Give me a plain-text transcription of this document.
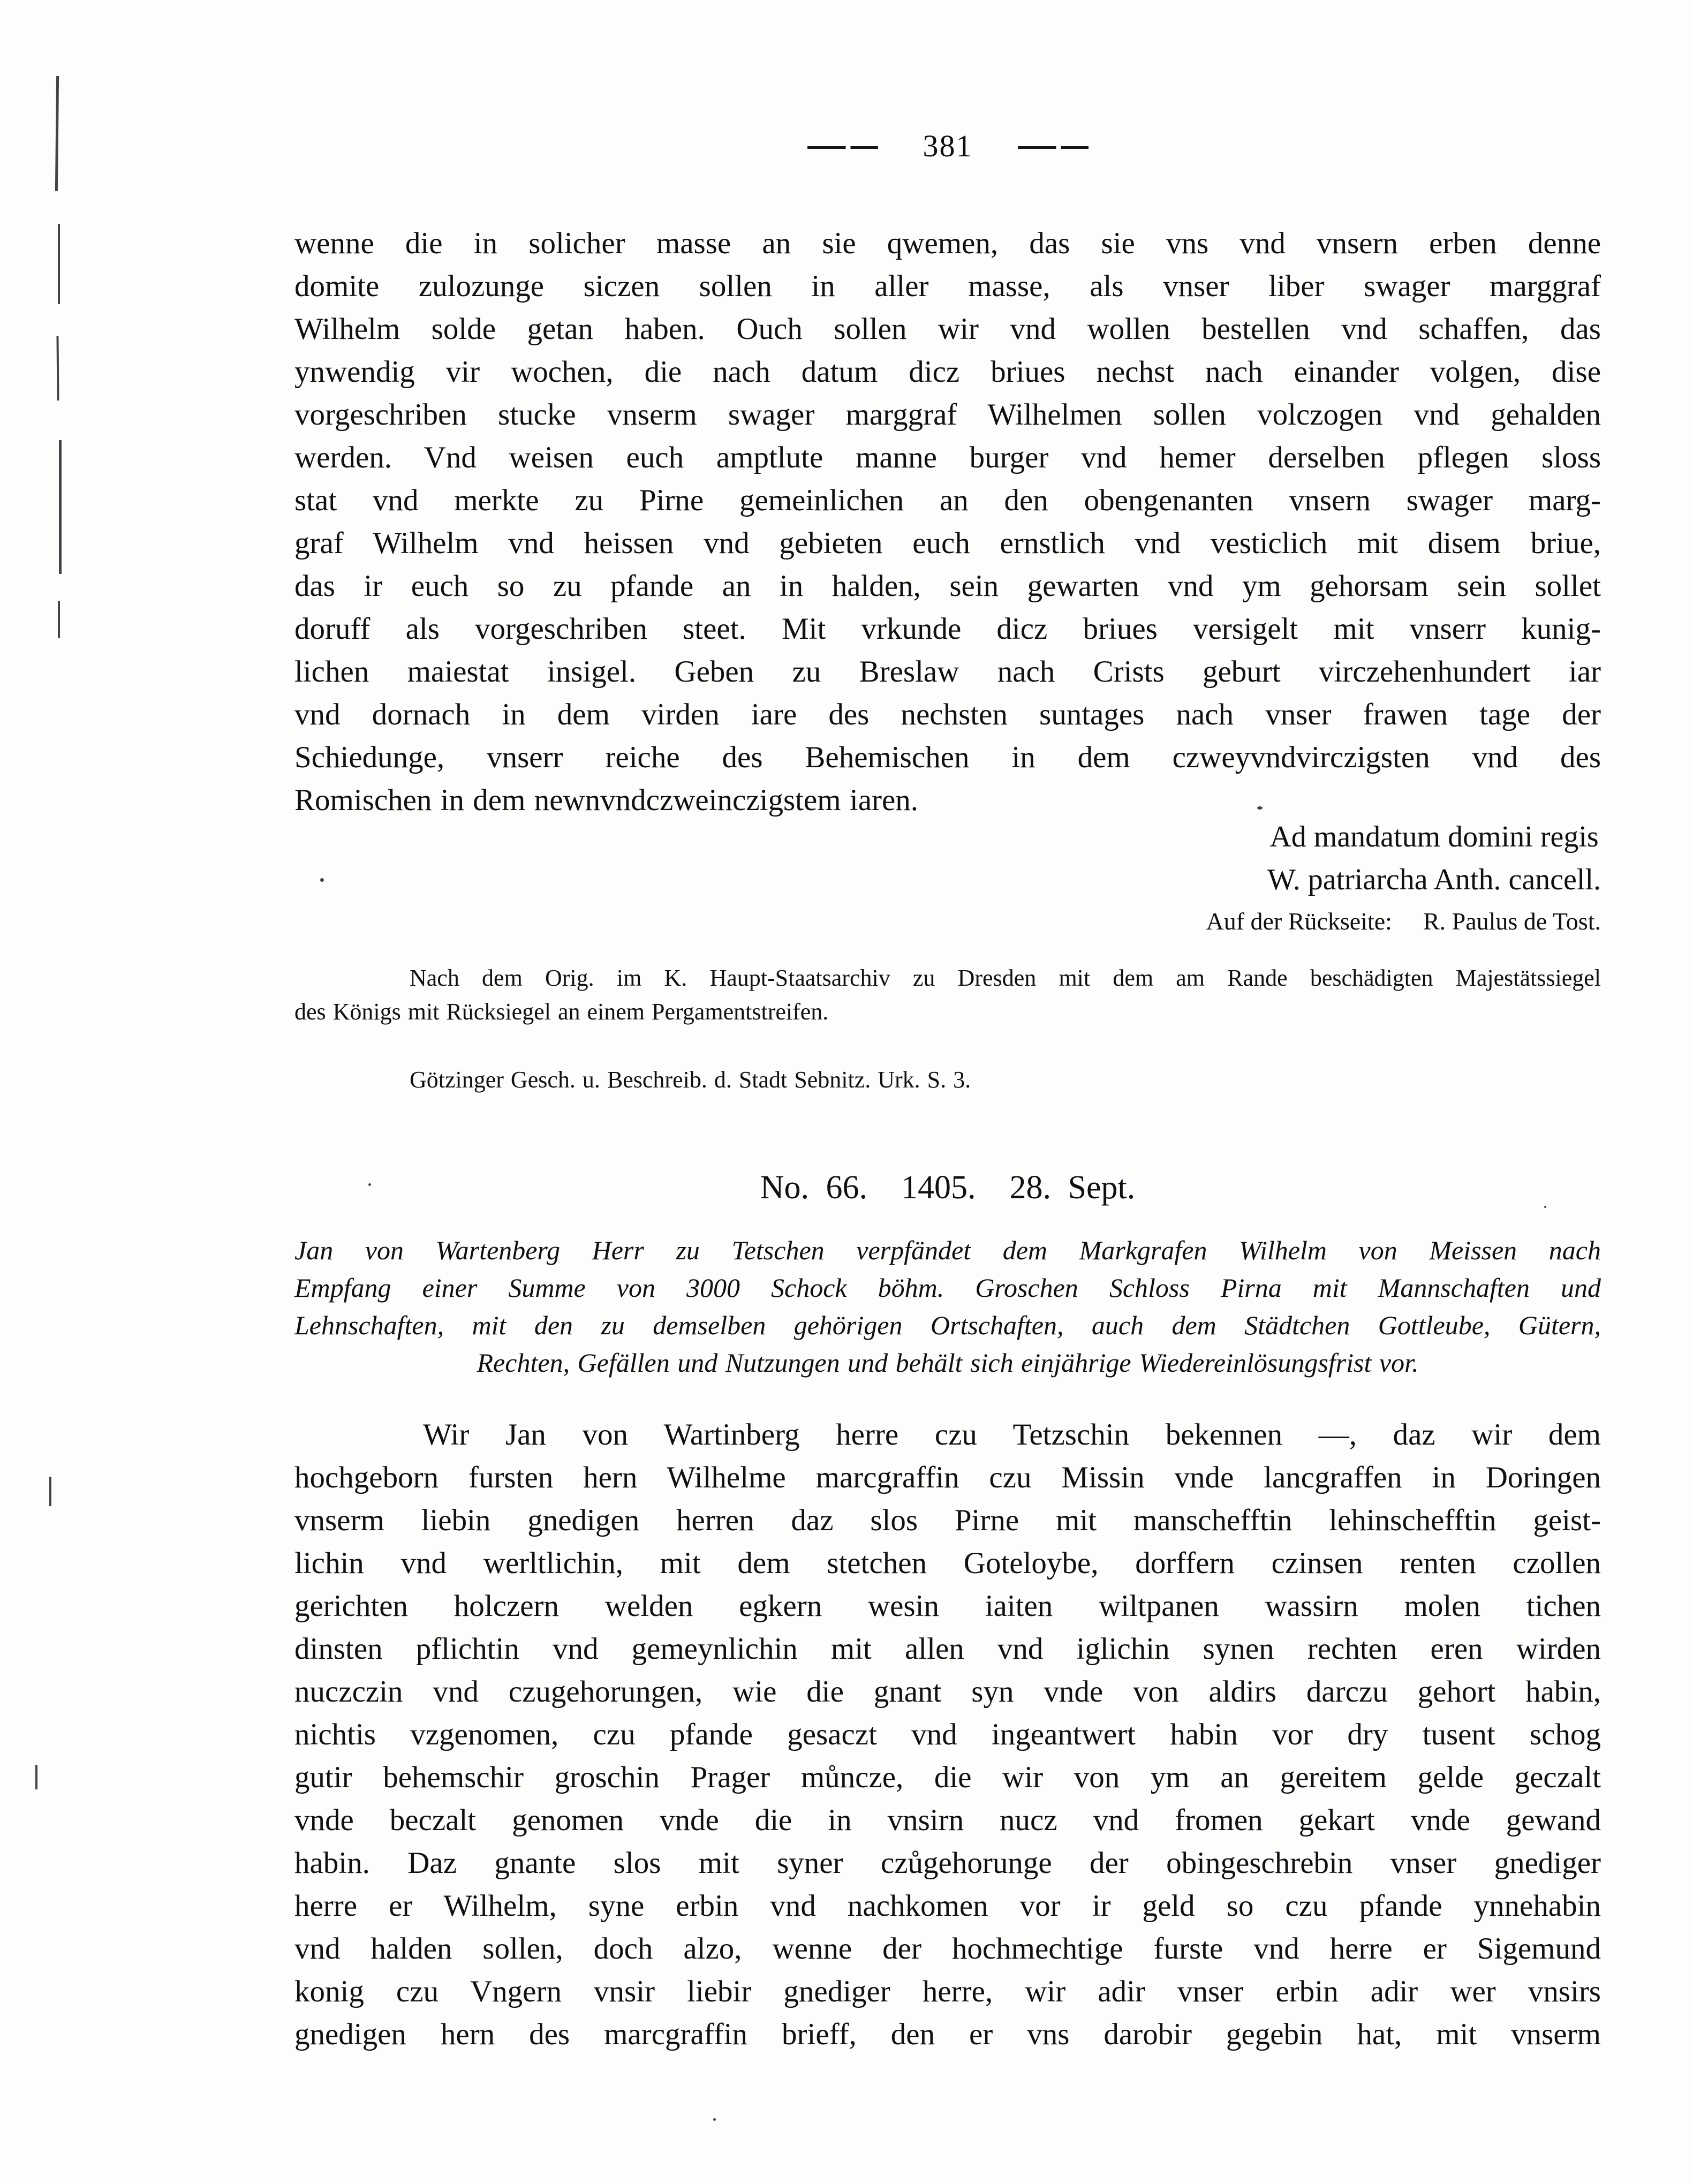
381
wenne die in solicher masse an sie qwemen, das sie vns vnd vnsern erben denne
domite zulozunge siczen sollen in aller masse, als vnser liber swager marggraf
Wilhelm solde getan haben. Ouch sollen wir vnd wollen bestellen vnd schaffen, das
ynwendig vir wochen, die nach datum dicz briues nechst nach einander volgen, dise
vorgeschriben stucke vnserm swager marggraf Wilhelmen sollen volczogen vnd gehalden
werden. Vnd weisen euch amptlute manne burger vnd hemer derselben pflegen sloss
stat vnd merkte zu Pirne gemeinlichen an den obengenanten vnsern swager marg-
graf Wilhelm vnd heissen vnd gebieten euch ernstlich vnd vesticlich mit disem briue,
das ir euch so zu pfande an in halden, sein gewarten vnd ym gehorsam sein sollet
doruff als vorgeschriben steet. Mit vrkunde dicz briues versigelt mit vnserr kunig-
lichen maiestat insigel. Geben zu Breslaw nach Crists geburt virczehenhundert iar
vnd dornach in dem virden iare des nechsten suntages nach vnser frawen tage der
Schiedunge, vnserr reiche des Behemischen in dem czweyvndvirczigsten vnd des
Romischen in dem newnvndczweinczigstem iaren.
Ad mandatum domini regis
W. patriarcha Anth. cancell.
Auf der Rückseite: R. Paulus de Tost.
Nach dem Orig. im K. Haupt-Staatsarchiv zu Dresden mit dem am Rande beschädigten Majestätssiegel
des Königs mit Rücksiegel an einem Pergamentstreifen.
Götzinger Gesch. u. Beschreib. d. Stadt Sebnitz. Urk. S. 3.
No. 66.  1405.  28. Sept.
Jan von Wartenberg Herr zu Tetschen verpfändet dem Markgrafen Wilhelm von Meissen nach
Empfang einer Summe von 3000 Schock böhm. Groschen Schloss Pirna mit Mannschaften und
Lehnschaften, mit den zu demselben gehörigen Ortschaften, auch dem Städtchen Gottleube, Gütern,
Rechten, Gefällen und Nutzungen und behält sich einjährige Wiedereinlösungsfrist vor.
Wir Jan von Wartinberg herre czu Tetzschin bekennen —, daz wir dem
hochgeborn fursten hern Wilhelme marcgraffin czu Missin vnde lancgraffen in Doringen
vnserm liebin gnedigen herren daz slos Pirne mit manschefftin lehinschefftin geist-
lichin vnd werltlichin, mit dem stetchen Goteloybe, dorffern czinsen renten czollen
gerichten holczern welden egkern wesin iaiten wiltpanen wassirn molen tichen
dinsten pflichtin vnd gemeynlichin mit allen vnd iglichin synen rechten eren wirden
nuczczin vnd czugehorungen, wie die gnant syn vnde von aldirs darczu gehort habin,
nichtis vzgenomen, czu pfande gesaczt vnd ingeantwert habin vor dry tusent schog
gutir behemschir groschin Prager můncze, die wir von ym an gereitem gelde geczalt
vnde beczalt genomen vnde die in vnsirn nucz vnd fromen gekart vnde gewand
habin. Daz gnante slos mit syner czůgehorunge der obingeschrebin vnser gnediger
herre er Wilhelm, syne erbin vnd nachkomen vor ir geld so czu pfande ynnehabin
vnd halden sollen, doch alzo, wenne der hochmechtige furste vnd herre er Sigemund
konig czu Vngern vnsir liebir gnediger herre, wir adir vnser erbin adir wer vnsirs
gnedigen hern des marcgraffin brieff, den er vns darobir gegebin hat, mit vnserm
